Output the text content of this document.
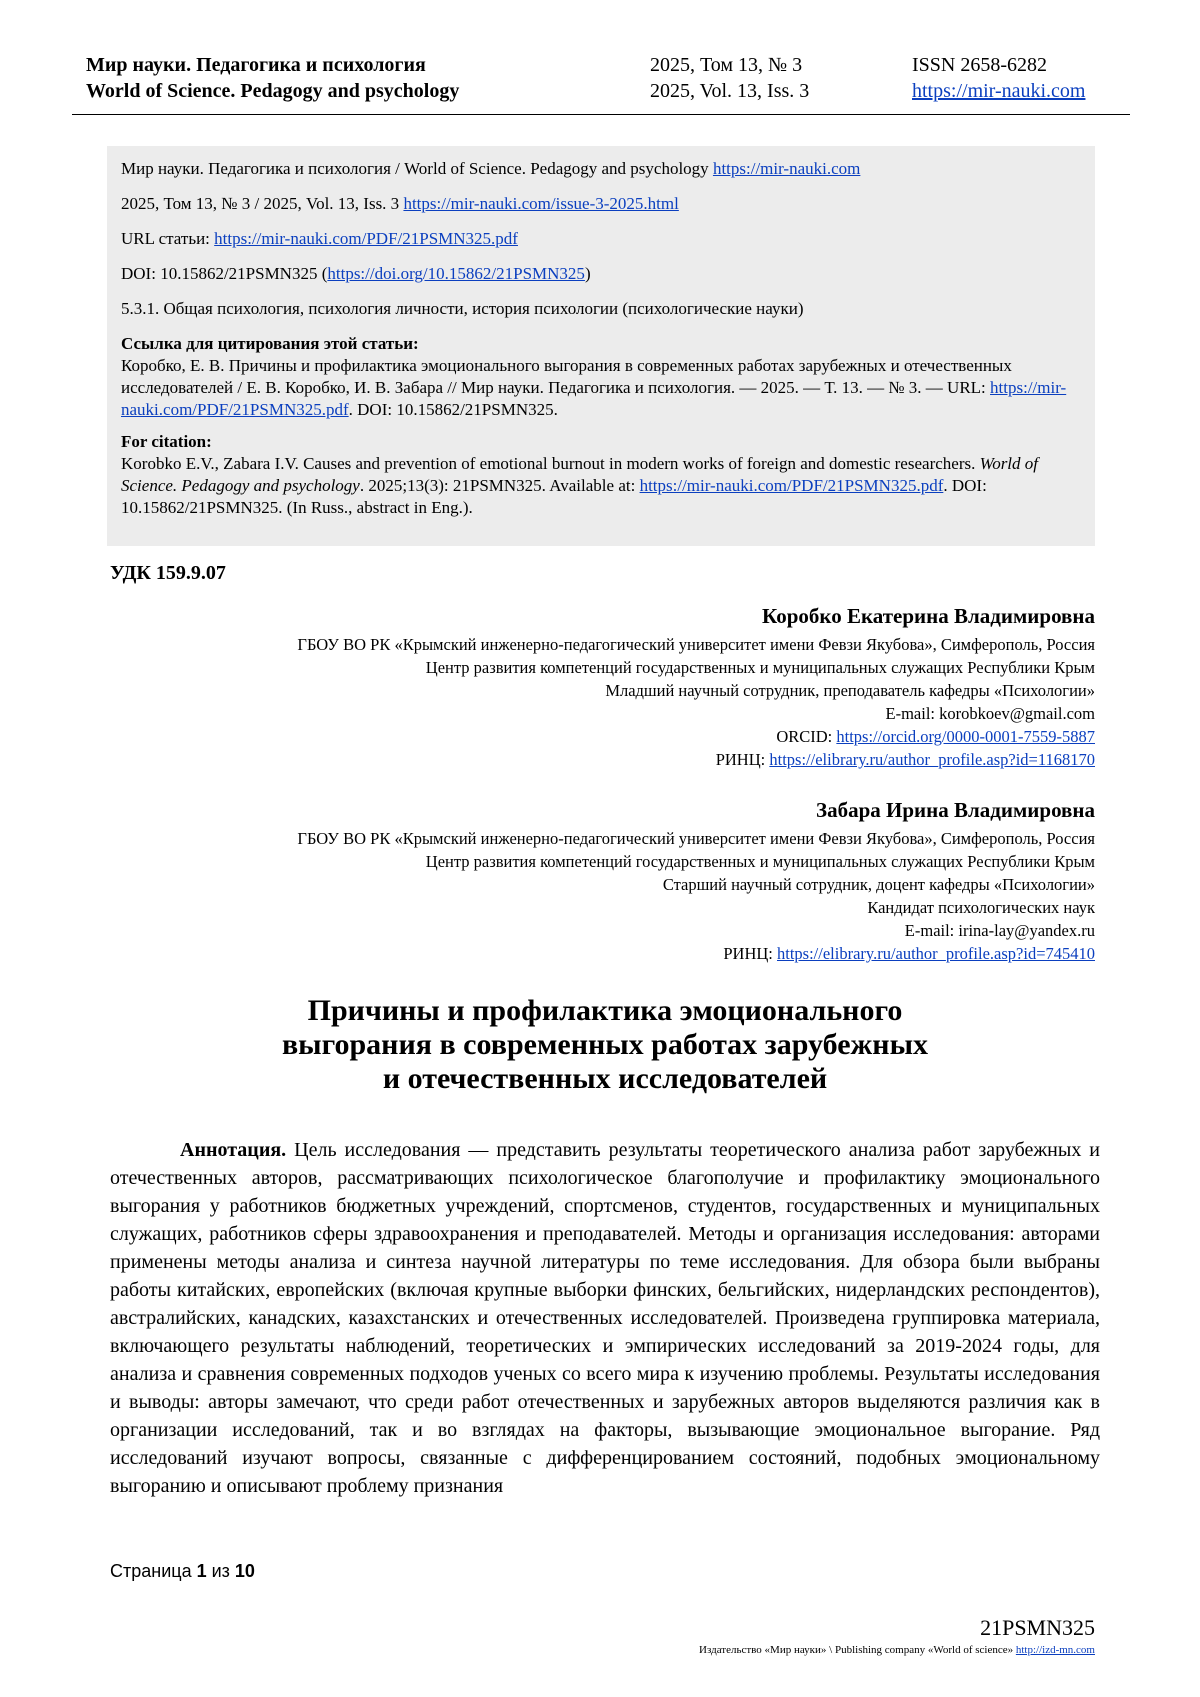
Мир науки. Педагогика и психология
World of Science. Pedagogy and psychology
2025, Том 13, № 3
2025, Vol. 13, Iss. 3
ISSN 2658-6282
https://mir-nauki.com

Мир науки. Педагогика и психология / World of Science. Pedagogy and psychology https://mir-nauki.com

2025, Том 13, № 3 / 2025, Vol. 13, Iss. 3 https://mir-nauki.com/issue-3-2025.html

URL статьи: https://mir-nauki.com/PDF/21PSMN325.pdf

DOI: 10.15862/21PSMN325 (https://doi.org/10.15862/21PSMN325)

5.3.1. Общая психология, психология личности, история психологии (психологические науки)

Ссылка для цитирования этой статьи:
Коробко, Е. В. Причины и профилактика эмоционального выгорания в современных работах зарубежных и отечественных исследователей / Е. В. Коробко, И. В. Забара // Мир науки. Педагогика и психология. — 2025. — Т. 13. — № 3. — URL: https://mir-nauki.com/PDF/21PSMN325.pdf. DOI: 10.15862/21PSMN325.
For citation:
Korobko E.V., Zabara I.V. Causes and prevention of emotional burnout in modern works of foreign and domestic researchers. World of Science. Pedagogy and psychology. 2025;13(3): 21PSMN325. Available at: https://mir-nauki.com/PDF/21PSMN325.pdf. DOI: 10.15862/21PSMN325. (In Russ., abstract in Eng.).
УДК 159.9.07
Коробко Екатерина Владимировна
ГБОУ ВО РК «Крымский инженерно-педагогический университет имени Февзи Якубова», Симферополь, Россия
Центр развития компетенций государственных и муниципальных служащих Республики Крым
Младший научный сотрудник, преподаватель кафедры «Психологии»
E-mail: korobkoev@gmail.com
ORCID: https://orcid.org/0000-0001-7559-5887
РИНЦ: https://elibrary.ru/author_profile.asp?id=1168170
Забара Ирина Владимировна
ГБОУ ВО РК «Крымский инженерно-педагогический университет имени Февзи Якубова», Симферополь, Россия
Центр развития компетенций государственных и муниципальных служащих Республики Крым
Старший научный сотрудник, доцент кафедры «Психологии»
Кандидат психологических наук
E-mail: irina-lay@yandex.ru
РИНЦ: https://elibrary.ru/author_profile.asp?id=745410
Причины и профилактика эмоционального
выгорания в современных работах зарубежных
и отечественных исследователей

Аннотация. Цель исследования — представить результаты теоретического анализа работ зарубежных и отечественных авторов, рассматривающих психологическое благополучие и профилактику эмоционального выгорания у работников бюджетных учреждений, спортсменов, студентов, государственных и муниципальных служащих, работников сферы здравоохранения и преподавателей. Методы и организация исследования: авторами применены методы анализа и синтеза научной литературы по теме исследования. Для обзора были выбраны работы китайских, европейских (включая крупные выборки финских, бельгийских, нидерландских респондентов), австралийских, канадских, казахстанских и отечественных исследователей. Произведена группировка материала, включающего результаты наблюдений, теоретических и эмпирических исследований за 2019-2024 годы, для анализа и сравнения современных подходов ученых со всего мира к изучению проблемы. Результаты исследования и выводы: авторы замечают, что среди работ отечественных и зарубежных авторов выделяются различия как в организации исследований, так и во взглядах на факторы, вызывающие эмоциональное выгорание. Ряд исследований изучают вопросы, связанные с дифференцированием состояний, подобных эмоциональному выгоранию и описывают проблему признания

Страница 1 из 10
21PSMN325
Издательство «Мир науки» \ Publishing company «World of science» http://izd-mn.com
